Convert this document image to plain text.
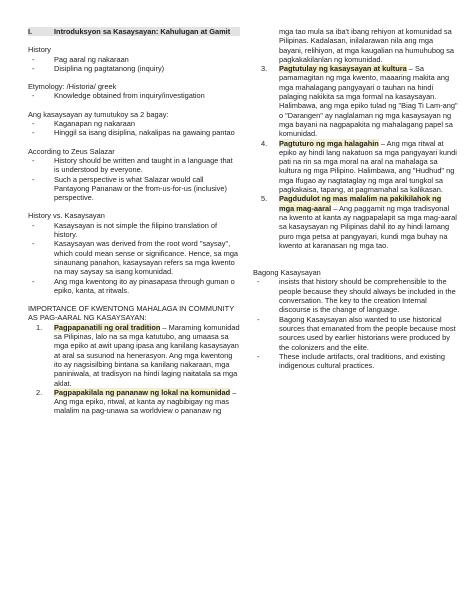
I.	Introduksyon sa Kasaysayan: Kahulugan at Gamit

History

-	Pag aaral ng nakaraan
-	Disiplina ng pagtatanong (inquiry)

Etymology: /Historia/ greek

-	Knowledge obtained from inquiry/investigation

Ang kasaysayan ay tumutukoy sa 2 bagay:

-	Kaganapan ng nakaraan
-	Hinggil sa isang disiplina, nakalipas na gawaing pantao

According to Zeus Salazar

-	History should be written and taught in a language that is understood by everyone.
-	Such a perspective is what Salazar would call Pantayong Pananaw or the from-us-for-us (inclusive) perspective.

History vs. Kasaysayan

-	Kasaysayan is not simple the filipino translation of history.
-	Kasaysayan was derived from the root word "saysay", which could mean sense or significance. Hence, sa mga sinaunang panahon, kasaysayan refers sa mga kwento na may saysay sa isang komunidad.
-	Ang mga kwentong ito ay pinasapasa through guman o epiko, kanta, at ritwals.

IMPORTANCE OF KWENTONG MAHALAGA IN COMMUNITY AS PAG-AARAL NG KASAYSAYAN:

1.	Pagpapanatili ng oral tradition – Maraming komunidad sa Pilipinas, lalo na sa mga katutubo, ang umaasa sa mga epiko at awit upang ipasa ang kanilang kasaysayan at aral sa susunod na henerasyon. Ang mga kwentong ito ay nagsisilbing bintana sa kanilang nakaraan, mga paniniwala, at tradisyon na hindi laging naitatala sa mga aklat.
2.	Pagpapakilala ng pananaw ng lokal na komunidad – Ang mga epiko, ritwal, at kanta ay nagbibigay ng mas malalim na pag-unawa sa worldview o pananaw ng

mga tao mula sa iba't ibang rehiyon at komunidad sa Pilipinas. Kadalasan, inilalarawan nila ang mga bayani, relihiyon, at mga kaugalian na humuhubog sa pagkakakilanlan ng komunidad.

3.	Pagtutulay ng kasaysayan at kultura – Sa pamamagitan ng mga kwento, maaaring makita ang mga mahalagang pangyayari o tauhan na hindi palaging nakikita sa mga formal na kasaysayan. Halimbawa, ang mga epiko tulad ng "Biag Ti Lam-ang" o "Darangen" ay naglalaman ng mga kasaysayan ng mga bayani na nagpapakita ng mahalagang papel sa komunidad.
4.	Pagtuturo ng mga halagahin – Ang mga ritwal at epiko ay hindi lang nakatuon sa mga pangyayari kundi pati na rin sa mga moral na aral na mahalaga sa kultura ng mga Pilipino. Halimbawa, ang "Hudhud" ng mga Ifugao ay nagtataglay ng mga aral tungkol sa pagkakaisa, tapang, at pagmamahal sa kalikasan.
5.	Pagdudulot ng mas malalim na pakikilahok ng mga mag-aaral – Ang paggamit ng mga tradisyonal na kwento at kanta ay nagpapalapit sa mga mag-aaral sa kasaysayan ng Pilipinas dahil ito ay hindi lamang puro mga petsa at pangyayari, kundi mga buhay na kwento at karanasan ng mga tao.

Bagong Kasaysayan

-	insists that history should be comprehensible to the people because they should always be included in the conversation. The key to the creation Internal discourse is the change of language.
-	Bagong Kasaysayan also wanted to use historical sources that emanated from the people because most sources used by earlier historians were produced by the colonizers and the elite.
-	These include artifacts, oral traditions, and existing indigenous cultural practices.
